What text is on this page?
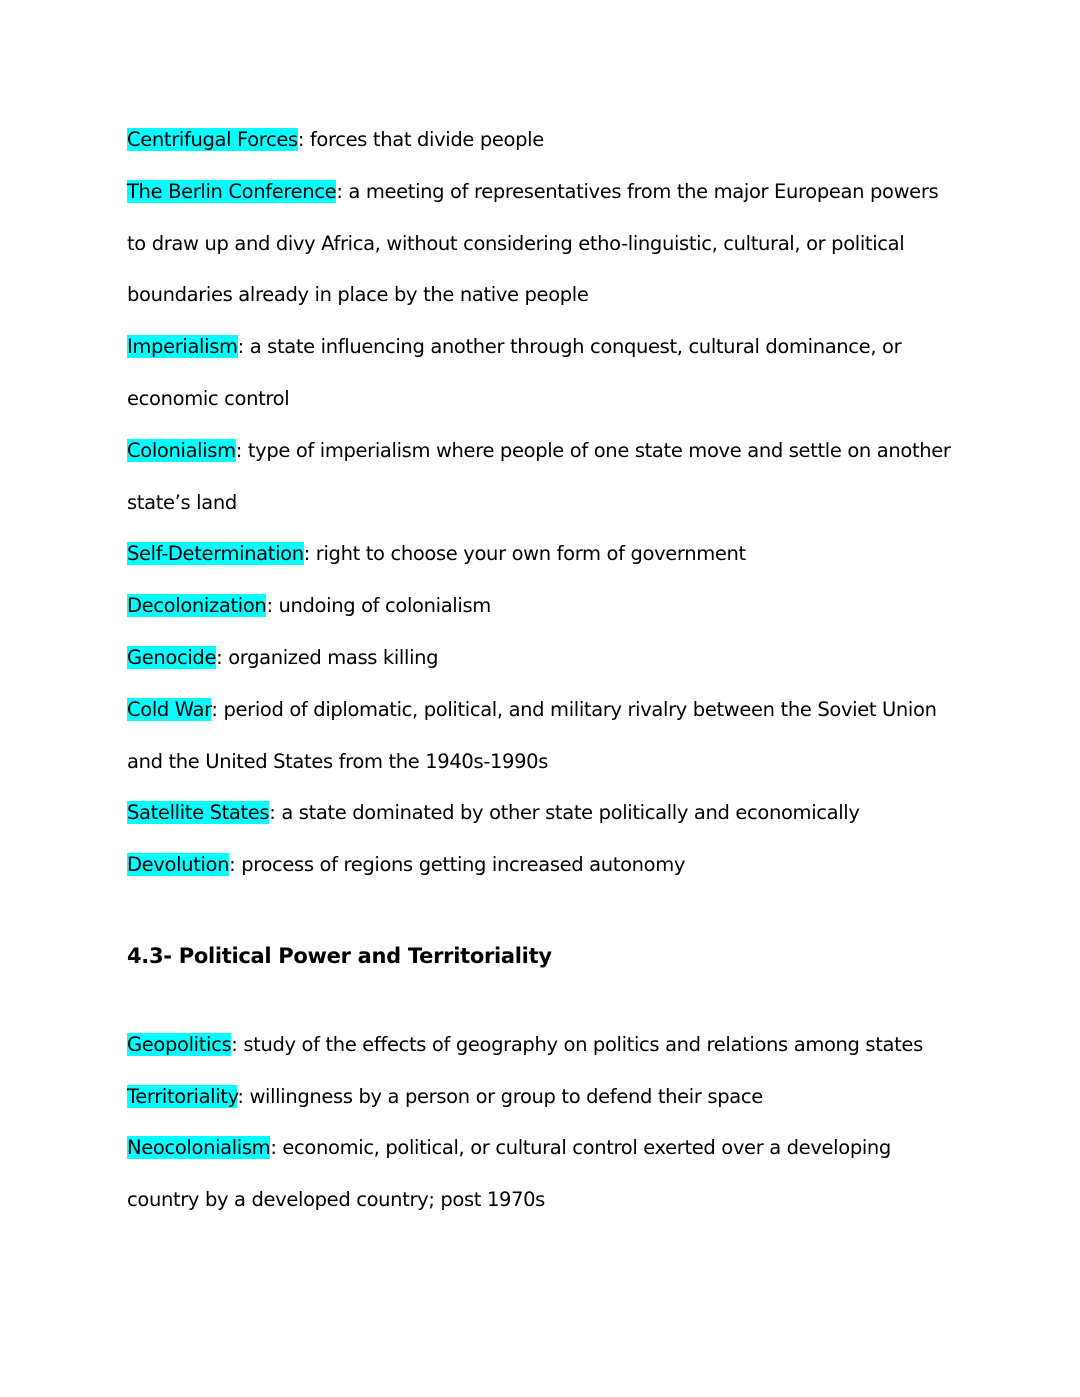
Centrifugal Forces: forces that divide people

The Berlin Conference: a meeting of representatives from the major European powers to draw up and divy Africa, without considering etho-linguistic, cultural, or political boundaries already in place by the native people

Imperialism: a state influencing another through conquest, cultural dominance, or economic control

Colonialism: type of imperialism where people of one state move and settle on another state’s land

Self-Determination: right to choose your own form of government

Decolonization: undoing of colonialism

Genocide: organized mass killing

Cold War: period of diplomatic, political, and military rivalry between the Soviet Union and the United States from the 1940s-1990s

Satellite States: a state dominated by other state politically and economically

Devolution: process of regions getting increased autonomy

4.3- Political Power and Territoriality

Geopolitics: study of the effects of geography on politics and relations among states

Territoriality: willingness by a person or group to defend their space

Neocolonialism: economic, political, or cultural control exerted over a developing country by a developed country; post 1970s
